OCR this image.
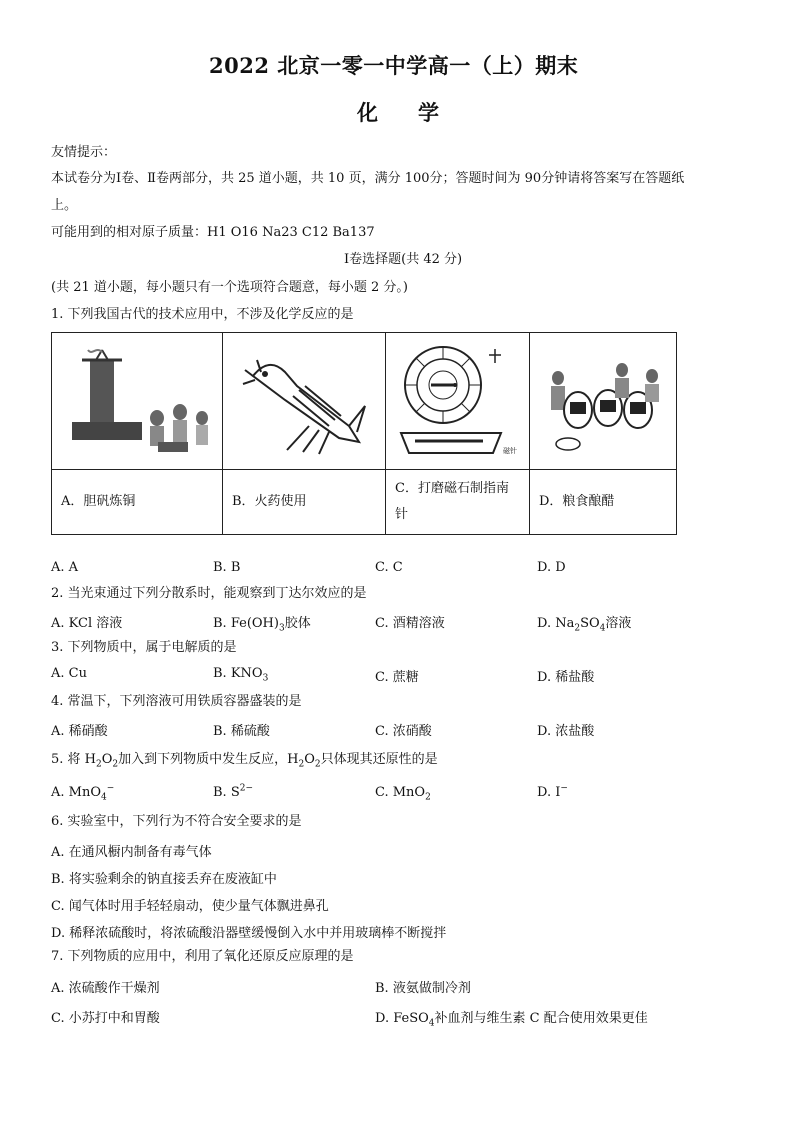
2022 北京一零一中学高一（上）期末
化学
友情提示：
本试卷分为Ⅰ卷、Ⅱ卷两部分，共 25 道小题，共 10 页，满分 100分；答题时间为 90分钟请将答案写在答题纸
上。
可能用到的相对原子质量：H1 O16 Na23 C12 Ba137
Ⅰ卷选择题(共 42 分)
(共 21 道小题，每小题只有一个选项符合题意，每小题 2 分。)
1. 下列我国古代的技术应用中，不涉及化学反应的是

磁针

A．胆矾炼铜	B．火药使用	C．打磨磁石制指南针	D．粮食酿醋
A. A	B. B	C. C	D. D
2. 当光束通过下列分散系时，能观察到丁达尔效应的是
A. KCl 溶液	B. $Fe(OH)_3$胶体	C. 酒精溶液	D. $Na_2SO_4$溶液
3. 下列物质中，属于电解质的是
A. Cu	B. $KNO_3$	C. 蔗糖	D. 稀盐酸
4. 常温下，下列溶液可用铁质容器盛装的是
A. 稀硝酸	B. 稀硫酸	C. 浓硝酸	D. 浓盐酸
5. 将 $H_2O_2$加入到下列物质中发生反应，$H_2O_2$只体现其还原性的是
A. MnO$_4$−	B. $S^{2-}$	C. MnO$_2$	D. I−
6. 实验室中，下列行为不符合安全要求的是
A. 在通风橱内制备有毒气体
B. 将实验剩余的钠直接丢弃在废液缸中
C. 闻气体时用手轻轻扇动，使少量气体飘进鼻孔
D. 稀释浓硫酸时，将浓硫酸沿器壁缓慢倒入水中并用玻璃棒不断搅拌
7. 下列物质的应用中，利用了氧化还原反应原理的是
A. 浓硫酸作干燥剂	B. 液氨做制冷剂
C. 小苏打中和胃酸	D. FeSO$_4$补血剂与维生素 C 配合使用效果更佳
